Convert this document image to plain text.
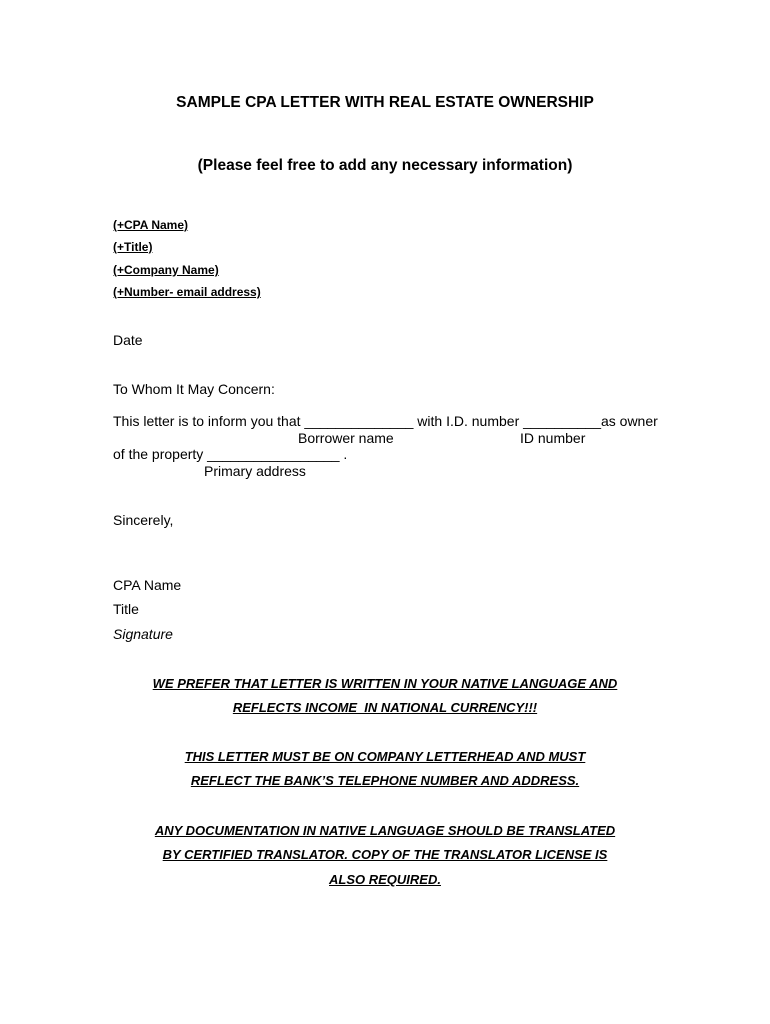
SAMPLE CPA LETTER WITH REAL ESTATE OWNERSHIP
(Please feel free to add any necessary information)
(+CPA Name)
(+Title)
(+Company Name)
(+Number- email address)
Date
To Whom It May Concern:
This letter is to inform you that ______________ with I.D. number __________as owner
Borrower name	ID number
of the property _________________ .
Primary address
Sincerely,
CPA Name
Title
Signature
WE PREFER THAT LETTER IS WRITTEN IN YOUR NATIVE LANGUAGE AND
REFLECTS INCOME  IN NATIONAL CURRENCY!!!
THIS LETTER MUST BE ON COMPANY LETTERHEAD AND MUST
REFLECT THE BANK’S TELEPHONE NUMBER AND ADDRESS.
ANY DOCUMENTATION IN NATIVE LANGUAGE SHOULD BE TRANSLATED
BY CERTIFIED TRANSLATOR. COPY OF THE TRANSLATOR LICENSE IS
ALSO REQUIRED.
